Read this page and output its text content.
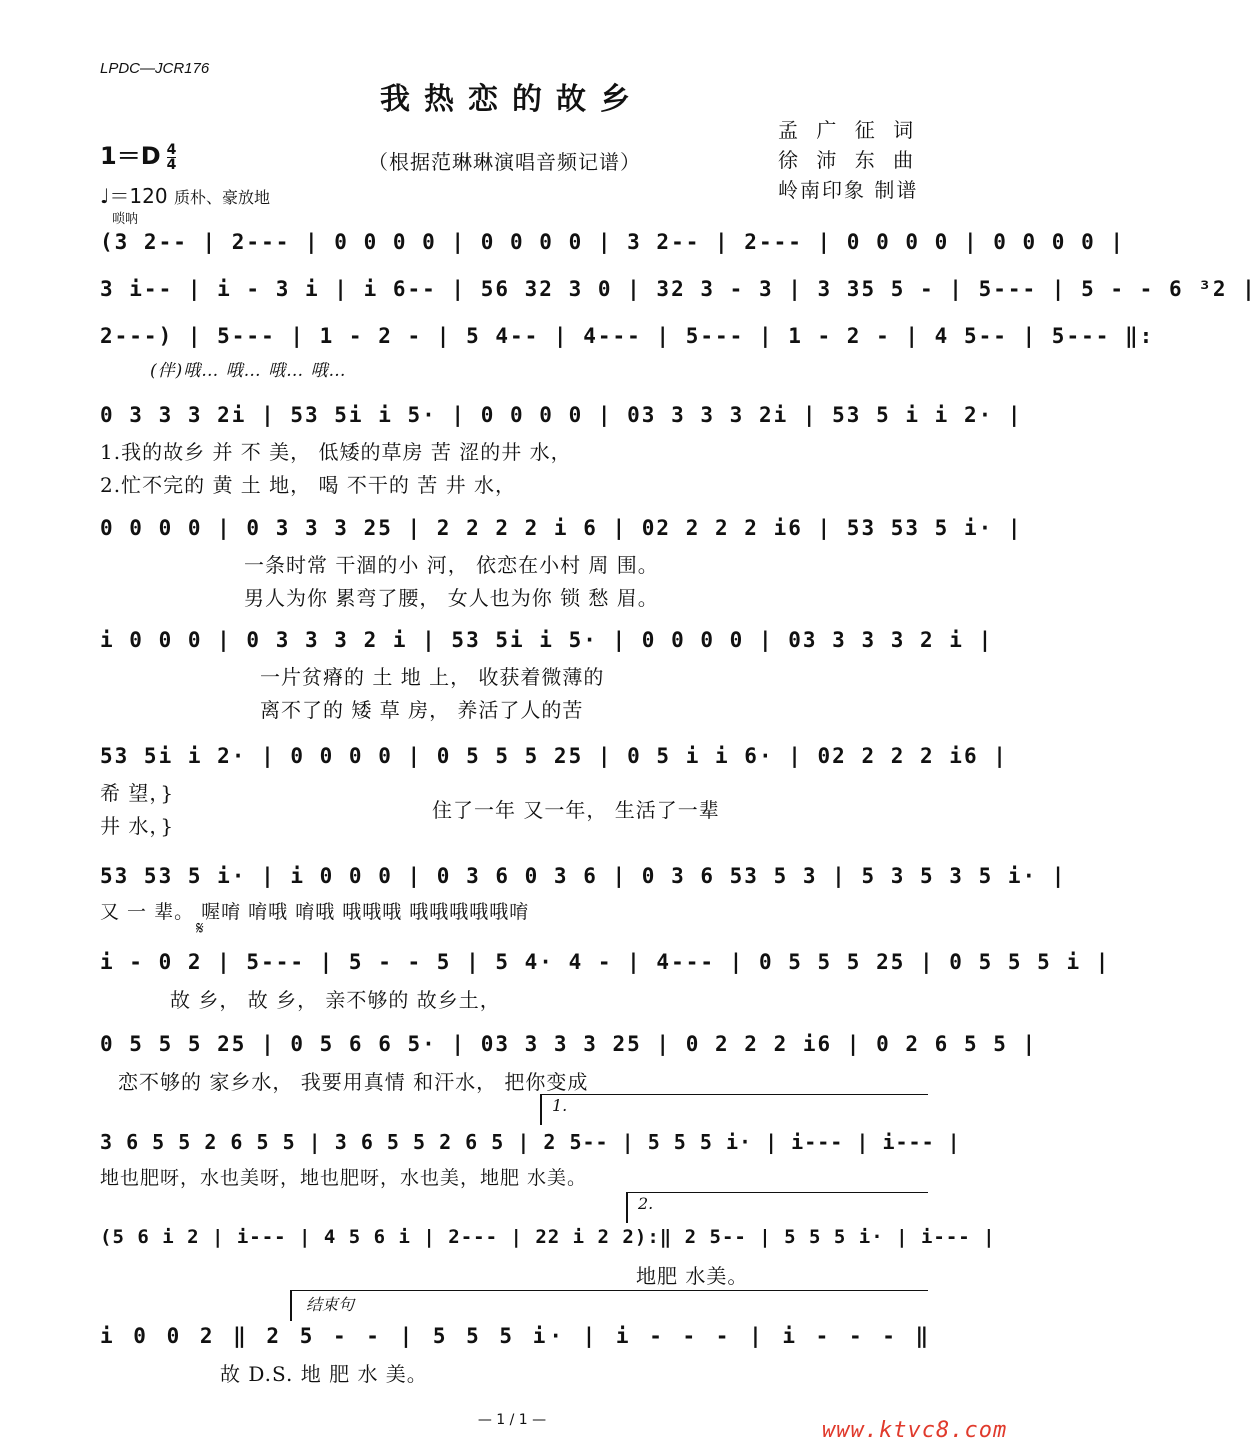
LPDC—JCR176
我热恋的故乡
孟 广 征 词
徐 沛 东 曲
岭南印象 制谱
$1=D \frac{4}{4}$	（根据范琳琳演唱音频记谱）
♩＝120 质朴、豪放地
唢呐
(3 2-- | 2--- | 0 0 0 0 | 0 0 0 0 | 3 2-- | 2--- | 0 0 0 0 | 0 0 0 0 |
3 i-- | i - 3 i | i 6-- | 56 32 3 0 | 32 3 - 3 | 3 35 5 - | 5--- | 5 - - 6 ³2 |
2---) | 5--- | 1 - 2 - | 5 4-- | 4--- | 5--- | 1 - 2 - | 4 5-- | 5--- ‖:
(伴)哦… 哦… 哦… 哦…
0 3 3 3 2i | 53 5i i 5· | 0 0 0 0 | 03 3 3 3 2i | 53 5 i i 2· |
1.我的故乡 并 不 美， 低矮的草房 苦 涩的井 水，
2.忙不完的 黄 土 地， 喝 不干的 苦 井 水，
0 0 0 0 | 0 3 3 3 25 | 2 2 2 2 i 6 | 02 2 2 2 i6 | 53 53 5 i· |
一条时常 干涸的小 河， 依恋在小村 周 围。
男人为你 累弯了腰， 女人也为你 锁 愁 眉。
i 0 0 0 | 0 3 3 3 2 i | 53 5i i 5· | 0 0 0 0 | 03 3 3 3 2 i |
一片贫瘠的 土 地 上， 收获着微薄的
离不了的 矮 草 房， 养活了人的苦
53 5i i 2· | 0 0 0 0 | 0 5 5 5 25 | 0 5 i i 6· | 02 2 2 2 i6 |
希 望，}
井 水，}
住了一年 又一年， 生活了一辈
53 53 5 i· | i 0 0 0 | 0 3 6 0 3 6 | 0 3 6 53 5 3 | 5 3 5 3 5 i· |
又 一 辈。 喔唷 唷哦 唷哦 哦哦哦 哦哦哦哦哦唷
𝄋
i - 0 2 | 5--- | 5 - - 5 | 5 4· 4 - | 4--- | 0 5 5 5 25 | 0 5 5 5 i |
故 乡， 故 乡， 亲不够的 故乡土，
0 5 5 5 25 | 0 5 6 6 5· | 03 3 3 3 25 | 0 2 2 2 i6 | 0 2 6 5 5 |
恋不够的 家乡水， 我要用真情 和汗水， 把你变成
1.
3 6 5 5 2 6 5 5 | 3 6 5 5 2 6 5 | 2 5-- | 5 5 5 i· | i--- | i--- |
地也肥呀，水也美呀，地也肥呀，水也美，地肥 水美。
2.
(5 6 i 2 | i--- | 4 5 6 i | 2--- | 22 i 2 2):‖ 2 5-- | 5 5 5 i· | i--- |
地肥 水美。
结束句
i 0 0 2 ‖ 2 5 - - | 5 5 5 i· | i - - - | i - - - ‖
故 D.S. 地 肥 水 美。
— 1 / 1 —	www.ktvc8.com
